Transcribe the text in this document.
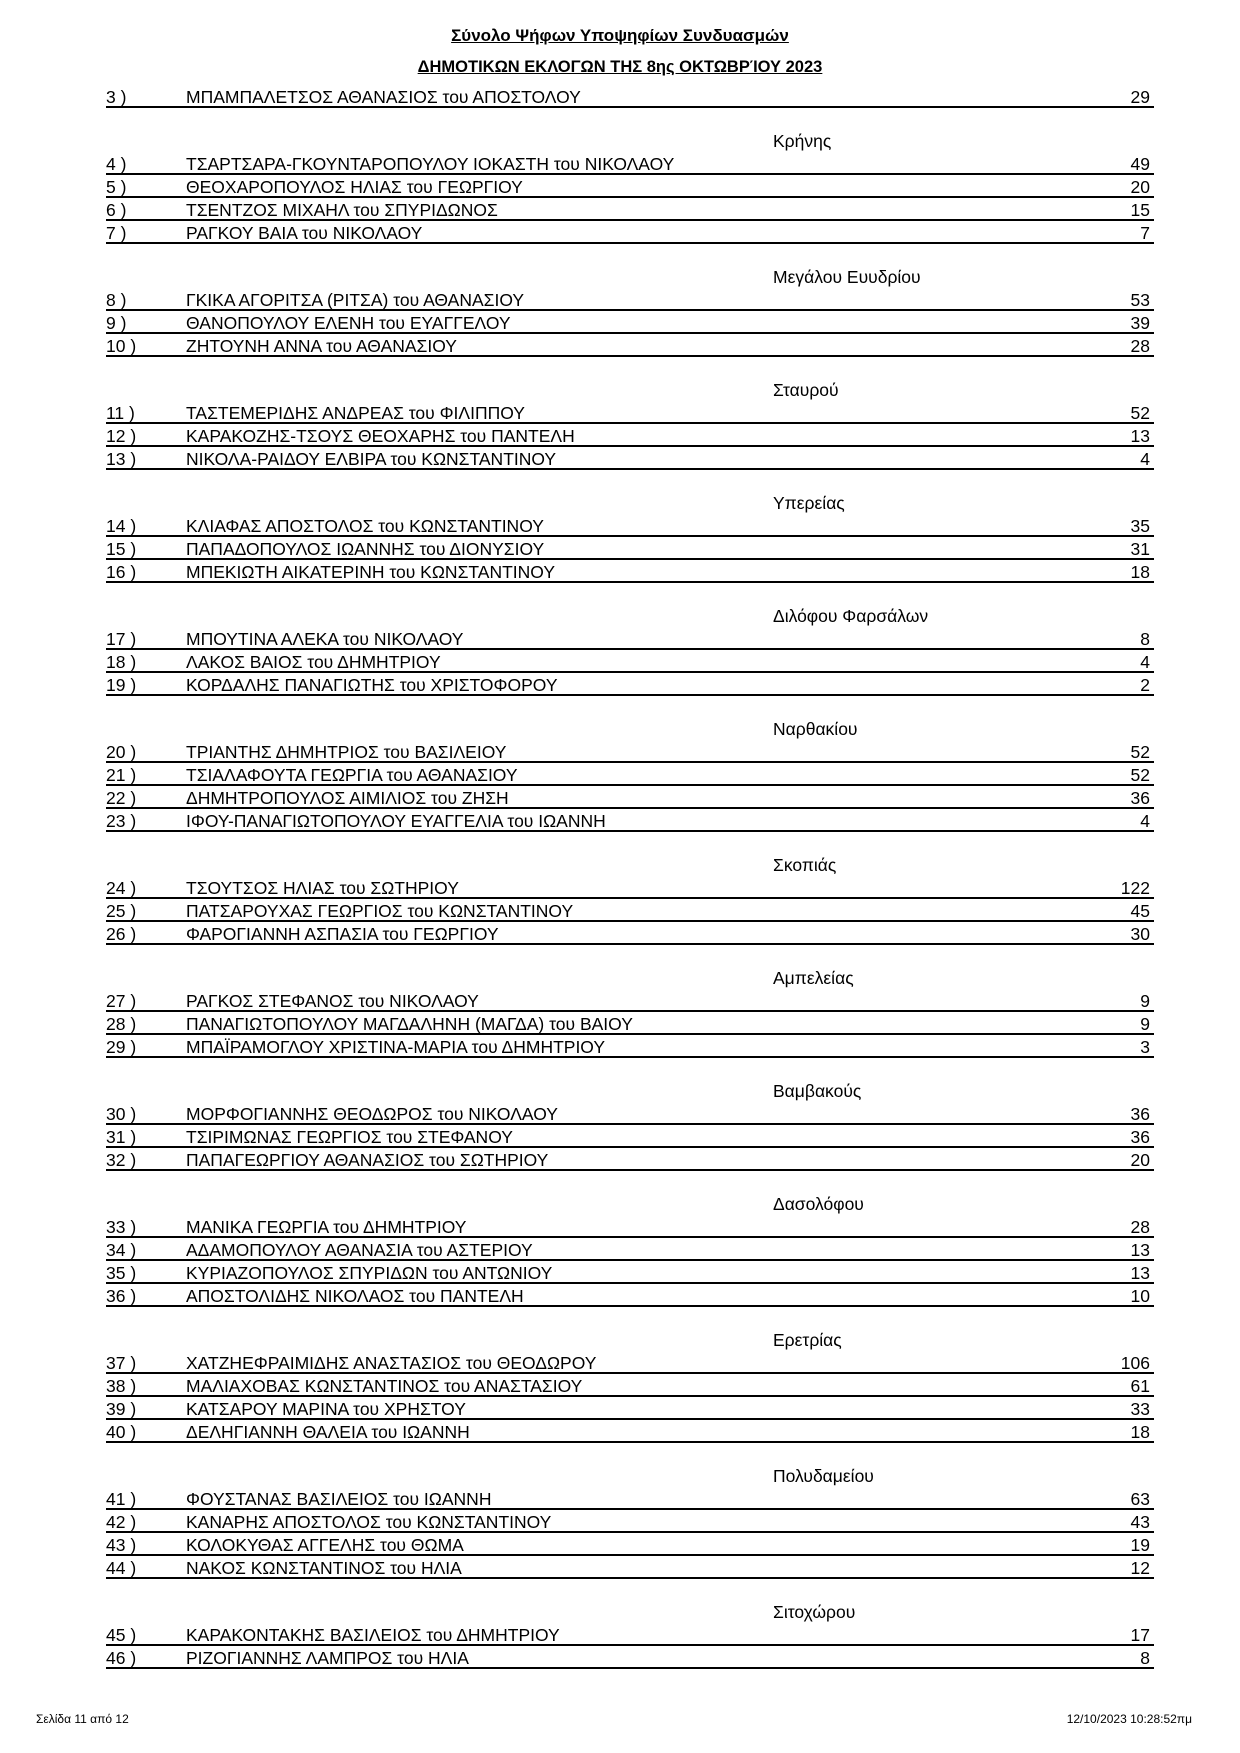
Σύνολο Ψήφων Υποψηφίων Συνδυασμών
ΔΗΜΟΤΙΚΩΝ ΕΚΛΟΓΩΝ ΤΗΣ 8ης ΟΚΤΩΒΡΊΟΥ 2023
3 )	ΜΠΑΜΠΑΛΕΤΣΟΣ ΑΘΑΝΑΣΙΟΣ του ΑΠΟΣΤΟΛΟΥ	29
Κρήνης
4 )	ΤΣΑΡΤΣΑΡΑ-ΓΚΟΥΝΤΑΡΟΠΟΥΛΟΥ ΙΟΚΑΣΤΗ του ΝΙΚΟΛΑΟΥ	49
5 )	ΘΕΟΧΑΡΟΠΟΥΛΟΣ ΗΛΙΑΣ του ΓΕΩΡΓΙΟΥ	20
6 )	ΤΣΕΝΤΖΟΣ ΜΙΧΑΗΛ του ΣΠΥΡΙΔΩΝΟΣ	15
7 )	ΡΑΓΚΟΥ ΒΑΙΑ του ΝΙΚΟΛΑΟΥ	7
Μεγάλου Ευυδρίου
8 )	ΓΚΙΚΑ ΑΓΟΡΙΤΣΑ (ΡΙΤΣΑ) του ΑΘΑΝΑΣΙΟΥ	53
9 )	ΘΑΝΟΠΟΥΛΟΥ ΕΛΕΝΗ του ΕΥΑΓΓΕΛΟΥ	39
10 )	ΖΗΤΟΥΝΗ ΑΝΝΑ του ΑΘΑΝΑΣΙΟΥ	28
Σταυρού
11 )	ΤΑΣΤΕΜΕΡΙΔΗΣ ΑΝΔΡΕΑΣ του ΦΙΛΙΠΠΟΥ	52
12 )	ΚΑΡΑΚΟΖΗΣ-ΤΣΟΥΣ ΘΕΟΧΑΡΗΣ του ΠΑΝΤΕΛΗ	13
13 )	ΝΙΚΟΛΑ-ΡΑΙΔΟΥ ΕΛΒΙΡΑ του ΚΩΝΣΤΑΝΤΙΝΟΥ	4
Υπερείας
14 )	ΚΛΙΑΦΑΣ ΑΠΟΣΤΟΛΟΣ του ΚΩΝΣΤΑΝΤΙΝΟΥ	35
15 )	ΠΑΠΑΔΟΠΟΥΛΟΣ ΙΩΑΝΝΗΣ του ΔΙΟΝΥΣΙΟΥ	31
16 )	ΜΠΕΚΙΩΤΗ ΑΙΚΑΤΕΡΙΝΗ του ΚΩΝΣΤΑΝΤΙΝΟΥ	18
Διλόφου Φαρσάλων
17 )	ΜΠΟΥΤΙΝΑ ΑΛΕΚΑ του ΝΙΚΟΛΑΟΥ	8
18 )	ΛΑΚΟΣ ΒΑΙΟΣ του ΔΗΜΗΤΡΙΟΥ	4
19 )	ΚΟΡΔΑΛΗΣ ΠΑΝΑΓΙΩΤΗΣ του ΧΡΙΣΤΟΦΟΡΟΥ	2
Ναρθακίου
20 )	ΤΡΙΑΝΤΗΣ ΔΗΜΗΤΡΙΟΣ του ΒΑΣΙΛΕΙΟΥ	52
21 )	ΤΣΙΑΛΑΦΟΥΤΑ ΓΕΩΡΓΙΑ του ΑΘΑΝΑΣΙΟΥ	52
22 )	ΔΗΜΗΤΡΟΠΟΥΛΟΣ ΑΙΜΙΛΙΟΣ του ΖΗΣΗ	36
23 )	ΙΦΟΥ-ΠΑΝΑΓΙΩΤΟΠΟΥΛΟΥ ΕΥΑΓΓΕΛΙΑ του ΙΩΑΝΝΗ	4
Σκοπιάς
24 )	ΤΣΟΥΤΣΟΣ ΗΛΙΑΣ του ΣΩΤΗΡΙΟΥ	122
25 )	ΠΑΤΣΑΡΟΥΧΑΣ ΓΕΩΡΓΙΟΣ του ΚΩΝΣΤΑΝΤΙΝΟΥ	45
26 )	ΦΑΡΟΓΙΑΝΝΗ ΑΣΠΑΣΙΑ του ΓΕΩΡΓΙΟΥ	30
Αμπελείας
27 )	ΡΑΓΚΟΣ ΣΤΕΦΑΝΟΣ του ΝΙΚΟΛΑΟΥ	9
28 )	ΠΑΝΑΓΙΩΤΟΠΟΥΛΟΥ ΜΑΓΔΑΛΗΝΗ (ΜΑΓΔΑ) του ΒΑΙΟΥ	9
29 )	ΜΠΑΪΡΑΜΟΓΛΟΥ ΧΡΙΣΤΙΝΑ-ΜΑΡΙΑ του ΔΗΜΗΤΡΙΟΥ	3
Βαμβακούς
30 )	ΜΟΡΦΟΓΙΑΝΝΗΣ ΘΕΟΔΩΡΟΣ του ΝΙΚΟΛΑΟΥ	36
31 )	ΤΣΙΡΙΜΩΝΑΣ ΓΕΩΡΓΙΟΣ του ΣΤΕΦΑΝΟΥ	36
32 )	ΠΑΠΑΓΕΩΡΓΙΟΥ ΑΘΑΝΑΣΙΟΣ του ΣΩΤΗΡΙΟΥ	20
Δασολόφου
33 )	ΜΑΝΙΚΑ ΓΕΩΡΓΙΑ του ΔΗΜΗΤΡΙΟΥ	28
34 )	ΑΔΑΜΟΠΟΥΛΟΥ ΑΘΑΝΑΣΙΑ του ΑΣΤΕΡΙΟΥ	13
35 )	ΚΥΡΙΑΖΟΠΟΥΛΟΣ ΣΠΥΡΙΔΩΝ του ΑΝΤΩΝΙΟΥ	13
36 )	ΑΠΟΣΤΟΛΙΔΗΣ ΝΙΚΟΛΑΟΣ του ΠΑΝΤΕΛΗ	10
Ερετρίας
37 )	ΧΑΤΖΗΕΦΡΑΙΜΙΔΗΣ ΑΝΑΣΤΑΣΙΟΣ του ΘΕΟΔΩΡΟΥ	106
38 )	ΜΑΛΙΑΧΟΒΑΣ ΚΩΝΣΤΑΝΤΙΝΟΣ του ΑΝΑΣΤΑΣΙΟΥ	61
39 )	ΚΑΤΣΑΡΟΥ ΜΑΡΙΝΑ του ΧΡΗΣΤΟΥ	33
40 )	ΔΕΛΗΓΙΑΝΝΗ ΘΑΛΕΙΑ του ΙΩΑΝΝΗ	18
Πολυδαμείου
41 )	ΦΟΥΣΤΑΝΑΣ ΒΑΣΙΛΕΙΟΣ του ΙΩΑΝΝΗ	63
42 )	ΚΑΝΑΡΗΣ ΑΠΟΣΤΟΛΟΣ του ΚΩΝΣΤΑΝΤΙΝΟΥ	43
43 )	ΚΟΛΟΚΥΘΑΣ ΑΓΓΕΛΗΣ του ΘΩΜΑ	19
44 )	ΝΑΚΟΣ ΚΩΝΣΤΑΝΤΙΝΟΣ του ΗΛΙΑ	12
Σιτοχώρου
45 )	ΚΑΡΑΚΟΝΤΑΚΗΣ ΒΑΣΙΛΕΙΟΣ του ΔΗΜΗΤΡΙΟΥ	17
46 )	ΡΙΖΟΓΙΑΝΝΗΣ ΛΑΜΠΡΟΣ του ΗΛΙΑ	8
Σελίδα 11 από 12	12/10/2023 10:28:52πμ
